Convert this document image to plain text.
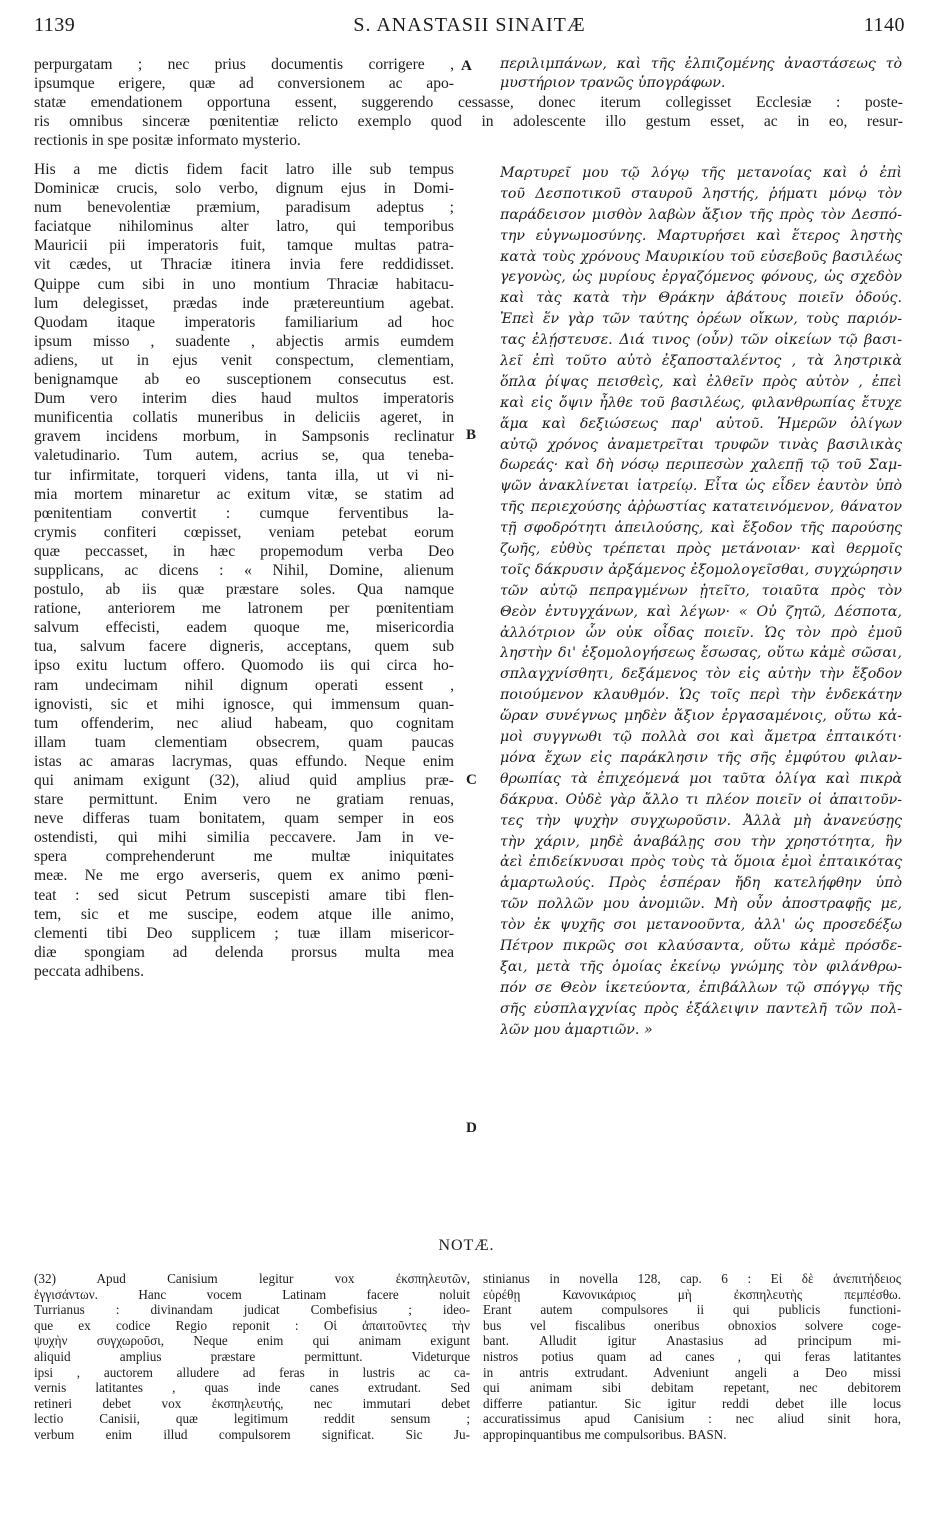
1139	S. ANASTASII SINAITÆ	1140
perpurgatam ; nec prius documentis corrigere ,
ipsumque erigere, quæ ad conversionem ac apo-
περιλιμπάνων, καὶ τῆς ἐλπιζομένης ἀναστάσεως τὸ
μυστήριον τρανῶς ὑπογράφων.
A
statæ emendationem opportuna essent, suggerendo cessasse, donec iterum collegisset Ecclesiæ : poste-
ris omnibus sinceræ pœnitentiæ relicto exemplo quod in adolescente illo gestum esset, ac in eo, resur-
rectionis in spe positæ informato mysterio.
His a me dictis fidem facit latro ille sub tempus
Dominicæ crucis, solo verbo, dignum ejus in Domi-
num benevolentiæ præmium, paradisum adeptus ;
faciatque nihilominus alter latro, qui temporibus
Mauricii pii imperatoris fuit, tamque multas patra-
vit cædes, ut Thraciæ itinera invia fere reddidisset.
Quippe cum sibi in uno montium Thraciæ habitacu-
lum delegisset, prædas inde prætereuntium agebat.
Quodam itaque imperatoris familiarium ad hoc
ipsum misso , suadente , abjectis armis eumdem
adiens, ut in ejus venit conspectum, clementiam,
benignamque ab eo susceptionem consecutus est.
Dum vero interim dies haud multos imperatoris
munificentia collatis muneribus in deliciis ageret, in
gravem incidens morbum, in Sampsonis reclinatur
valetudinario. Tum autem, acrius se, qua teneba-
tur infirmitate, torqueri videns, tanta illa, ut vi ni-
mia mortem minaretur ac exitum vitæ, se statim ad
pœnitentiam convertit : cumque ferventibus la-
crymis confiteri cœpisset, veniam petebat eorum
quæ peccasset, in hæc propemodum verba Deo
supplicans, ac dicens : « Nihil, Domine, alienum
postulo, ab iis quæ præstare soles. Qua namque
ratione, anteriorem me latronem per pœnitentiam
salvum effecisti, eadem quoque me, misericordia
tua, salvum facere digneris, acceptans, quem sub
ipso exitu luctum offero. Quomodo iis qui circa ho-
ram undecimam nihil dignum operati essent ,
ignovisti, sic et mihi ignosce, qui immensum quan-
tum offenderim, nec aliud habeam, quo cognitam
illam tuam clementiam obsecrem, quam paucas
istas ac amaras lacrymas, quas effundo. Neque enim
qui animam exigunt (32), aliud quid amplius præ-
stare permittunt. Enim vero ne gratiam renuas,
neve differas tuam bonitatem, quam semper in eos
ostendisti, qui mihi similia peccavere. Jam in ve-
spera comprehenderunt me multæ iniquitates
meæ. Ne me ergo averseris, quem ex animo pœni-
teat : sed sicut Petrum suscepisti amare tibi flen-
tem, sic et me suscipe, eodem atque ille animo,
clementi tibi Deo supplicem ; tuæ illam misericor-
diæ spongiam ad delenda prorsus multa mea
peccata adhibens.
Μαρτυρεῖ μου τῷ λόγῳ τῆς μετανοίας καὶ ὁ ἐπὶ
τοῦ Δεσποτικοῦ σταυροῦ ληστής, ῥήματι μόνῳ τὸν
παράδεισον μισθὸν λαβὼν ἄξιον τῆς πρὸς τὸν Δεσπό-
την εὐγνωμοσύνης. Μαρτυρήσει καὶ ἕτερος ληστὴς
κατὰ τοὺς χρόνους Μαυρικίου τοῦ εὐσεβοῦς βασιλέως
γεγονὼς, ὡς μυρίους ἐργαζόμενος φόνους, ὡς σχεδὸν
καὶ τὰς κατὰ τὴν Θράκην ἀβάτους ποιεῖν ὁδούς.
Ἐπεὶ ἕν γὰρ τῶν ταύτης ὀρέων οἴκων, τοὺς παριόν-
τας ἐλῄστευσε. Διά τινος (οὖν) τῶν οἰκείων τῷ βασι-
λεῖ ἐπὶ τοῦτο αὐτὸ ἐξαποσταλέντος , τὰ ληστρικὰ
ὅπλα ῥίψας πεισθεὶς, καὶ ἐλθεῖν πρὸς αὐτὸν , ἐπεὶ
καὶ εἰς ὄψιν ἦλθε τοῦ βασιλέως, φιλανθρωπίας ἔτυχε
ἅμα καὶ δεξιώσεως παρ' αὐτοῦ. Ἡμερῶν ὀλίγων
αὐτῷ χρόνος ἀναμετρεῖται τρυφῶν τινὰς βασιλικὰς
δωρεάς· καὶ δὴ νόσῳ περιπεσὼν χαλεπῇ τῷ τοῦ Σαμ-
ψῶν ἀνακλίνεται ἰατρείῳ. Εἶτα ὡς εἶδεν ἑαυτὸν ὑπὸ
τῆς περιεχούσης ἀῤῥωστίας κατατεινόμενον, θάνατον
τῇ σφοδρότητι ἀπειλούσης, καὶ ἔξοδον τῆς παρούσης
ζωῆς, εὐθὺς τρέπεται πρὸς μετάνοιαν· καὶ θερμοῖς
τοῖς δάκρυσιν ἀρξάμενος ἐξομολογεῖσθαι, συγχώρησιν
τῶν αὐτῷ πεπραγμένων ᾐτεῖτο, τοιαῦτα πρὸς τὸν
Θεὸν ἐντυγχάνων, καὶ λέγων· « Οὐ ζητῶ, Δέσποτα,
ἀλλότριον ὧν οὐκ οἶδας ποιεῖν. Ὡς τὸν πρὸ ἐμοῦ
ληστὴν δι' ἐξομολογήσεως ἔσωσας, οὕτω κἀμὲ σῶσαι,
σπλαγχνίσθητι, δεξάμενος τὸν εἰς αὐτὴν τὴν ἔξοδον
ποιούμενον κλαυθμόν. Ὡς τοῖς περὶ τὴν ἑνδεκάτην
ὥραν συνέγνως μηδὲν ἄξιον ἐργασαμένοις, οὕτω κἀ-
μοὶ συγγνωθι τῷ πολλὰ σοι καὶ ἄμετρα ἐπταικότι·
μόνα ἔχων εἰς παράκλησιν τῆς σῆς ἐμφύτου φιλαν-
θρωπίας τὰ ἐπιχεόμενά μοι ταῦτα ὀλίγα καὶ πικρὰ
δάκρυα. Οὐδὲ γὰρ ἄλλο τι πλέον ποιεῖν οἱ ἀπαιτοῦν-
τες τὴν ψυχὴν συγχωροῦσιν. Ἀλλὰ μὴ ἀνανεύσῃς
τὴν χάριν, μηδὲ ἀναβάλῃς σου τὴν χρηστότητα, ἣν
ἀεὶ ἐπιδείκνυσαι πρὸς τοὺς τὰ ὅμοια ἐμοὶ ἐπταικότας
ἁμαρτωλούς. Πρὸς ἑσπέραν ἤδη κατελήφθην ὑπὸ
τῶν πολλῶν μου ἀνομιῶν. Μὴ οὖν ἀποστραφῇς με,
τὸν ἐκ ψυχῆς σοι μετανοοῦντα, ἀλλ' ὡς προσεδέξω
Πέτρον πικρῶς σοι κλαύσαντα, οὕτω κἀμὲ πρόσδε-
ξαι, μετὰ τῆς ὁμοίας ἐκείνῳ γνώμης τὸν φιλάνθρω-
πόν σε Θεὸν ἱκετεύοντα, ἐπιβάλλων τῷ σπόγγῳ τῆς
σῆς εὐσπλαγχνίας πρὸς ἐξάλειψιν παντελῆ τῶν πολ-
λῶν μου ἁμαρτιῶν. »
B
C
D
NOTÆ.
(32) Apud Canisium legitur vox ἐκσπηλευτῶν,
ἐγγισάντων. Hanc vocem Latinam facere noluit
Turrianus : divinandam judicat Combefisius ; ideo-
que ex codice Regio reponit : Οἱ ἀπαιτοῦντες τὴν
ψυχὴν συγχωροῦσι, Neque enim qui animam exigunt
aliquid amplius præstare permittunt. Videturque
ipsi , auctorem alludere ad feras in lustris ac ca-
vernis latitantes , quas inde canes extrudant. Sed
retineri debet vox ἐκσπηλευτής, nec immutari debet
lectio Canisii, quæ legitimum reddit sensum ;
verbum enim illud compulsorem significat. Sic Ju-
stinianus in novella 128, cap. 6 : Εἰ δὲ ἀνεπιτήδειος
εὑρέθῃ Κανονικάριος μὴ ἐκσπηλευτὴς πεμπέσθω.
Erant autem compulsores ii qui publicis functioni-
bus vel fiscalibus oneribus obnoxios solvere coge-
bant. Alludit igitur Anastasius ad principum mi-
nistros potius quam ad canes , qui feras latitantes
in antris extrudant. Adveniunt angeli a Deo missi
qui animam sibi debitam repetant, nec debitorem
differre patiantur. Sic igitur reddi debet ille locus
accuratissimus apud Canisium : nec aliud sinit hora,
appropinquantibus me compulsoribus. BASN.
